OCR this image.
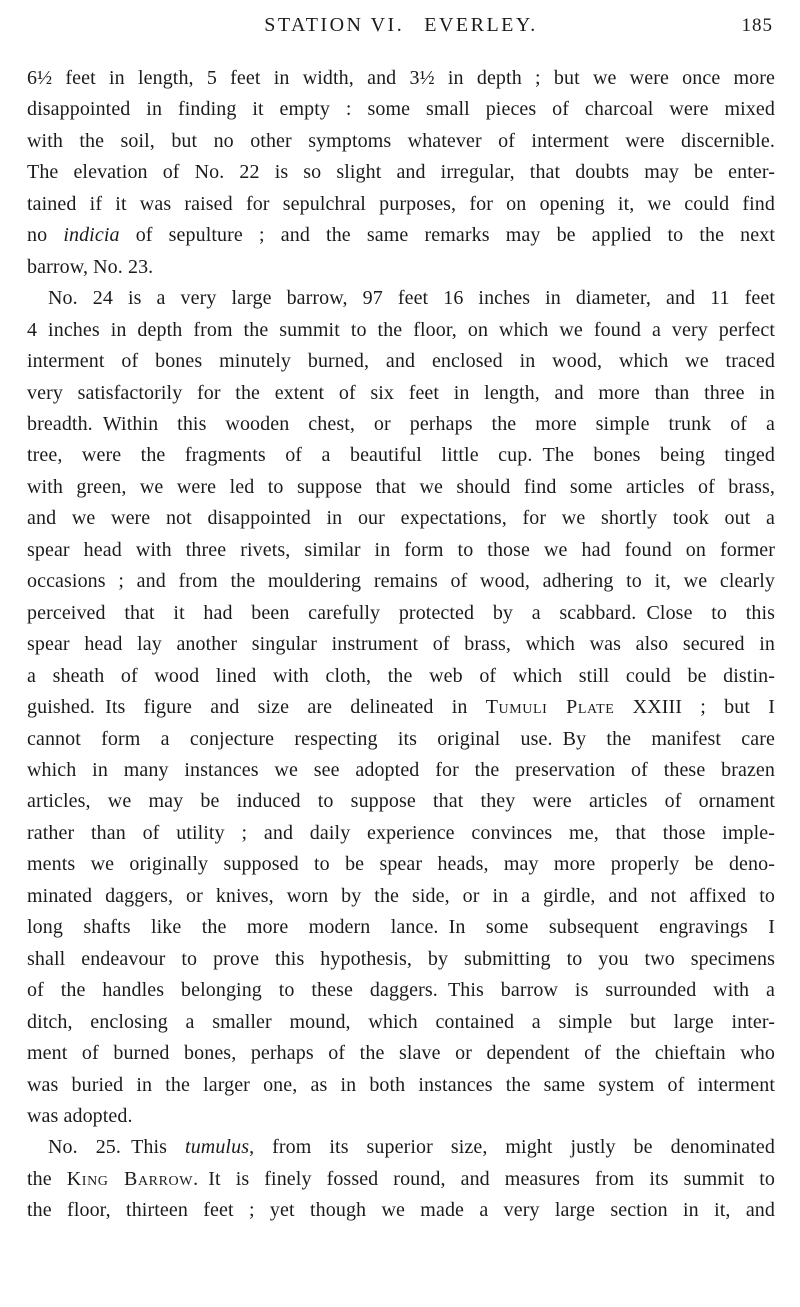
STATION VI.  EVERLEY.	185
6½ feet in length, 5 feet in width, and 3½ in depth ; but we were once more
disappointed in finding it empty : some small pieces of charcoal were mixed
with the soil, but no other symptoms whatever of interment were discernible.
The elevation of No. 22 is so slight and irregular, that doubts may be enter-
tained if it was raised for sepulchral purposes, for on opening it, we could find
no indicia of sepulture ; and the same remarks may be applied to the next
barrow, No. 23.
No. 24 is a very large barrow, 97 feet 16 inches in diameter, and 11 feet
4 inches in depth from the summit to the floor, on which we found a very perfect
interment of bones minutely burned, and enclosed in wood, which we traced
very satisfactorily for the extent of six feet in length, and more than three in
breadth. Within this wooden chest, or perhaps the more simple trunk of a
tree, were the fragments of a beautiful little cup. The bones being tinged
with green, we were led to suppose that we should find some articles of brass,
and we were not disappointed in our expectations, for we shortly took out a
spear head with three rivets, similar in form to those we had found on former
occasions ; and from the mouldering remains of wood, adhering to it, we clearly
perceived that it had been carefully protected by a scabbard. Close to this
spear head lay another singular instrument of brass, which was also secured in
a sheath of wood lined with cloth, the web of which still could be distin-
guished. Its figure and size are delineated in Tumuli Plate XXIII ; but I
cannot form a conjecture respecting its original use. By the manifest care
which in many instances we see adopted for the preservation of these brazen
articles, we may be induced to suppose that they were articles of ornament
rather than of utility ; and daily experience convinces me, that those imple-
ments we originally supposed to be spear heads, may more properly be deno-
minated daggers, or knives, worn by the side, or in a girdle, and not affixed to
long shafts like the more modern lance. In some subsequent engravings I
shall endeavour to prove this hypothesis, by submitting to you two specimens
of the handles belonging to these daggers. This barrow is surrounded with a
ditch, enclosing a smaller mound, which contained a simple but large inter-
ment of burned bones, perhaps of the slave or dependent of the chieftain who
was buried in the larger one, as in both instances the same system of interment
was adopted.
No. 25. This tumulus, from its superior size, might justly be denominated
the King Barrow. It is finely fossed round, and measures from its summit to
the floor, thirteen feet ; yet though we made a very large section in it, and
